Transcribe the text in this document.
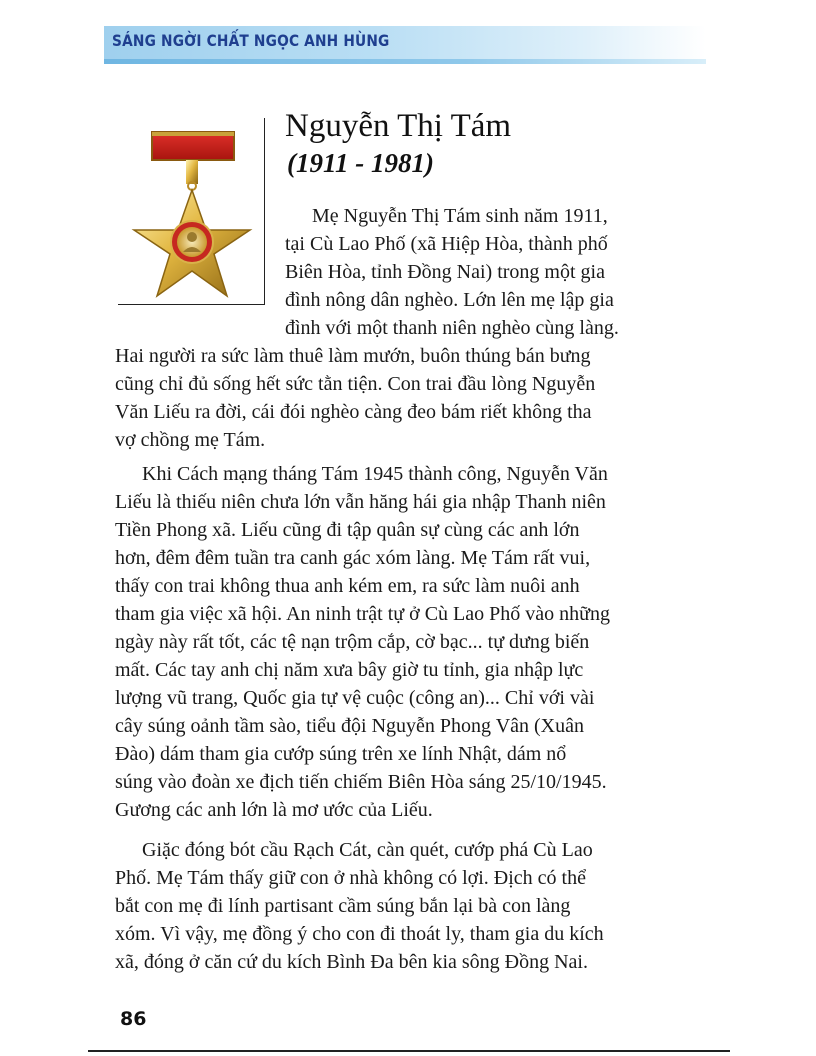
SÁNG NGỜI CHẤT NGỌC ANH HÙNG
Nguyễn Thị Tám
(1911 - 1981)
Mẹ Nguyễn Thị Tám sinh năm 1911,
tại Cù Lao Phố (xã Hiệp Hòa, thành phố
Biên Hòa, tỉnh Đồng Nai) trong một gia
đình nông dân nghèo. Lớn lên mẹ lập gia
đình với một thanh niên nghèo cùng làng.
Hai người ra sức làm thuê làm mướn, buôn thúng bán bưng
cũng chỉ đủ sống hết sức tằn tiện. Con trai đầu lòng Nguyễn
Văn Liếu ra đời, cái đói nghèo càng đeo bám riết không tha
vợ chồng mẹ Tám.
Khi Cách mạng tháng Tám 1945 thành công, Nguyễn Văn
Liếu là thiếu niên chưa lớn vẫn hăng hái gia nhập Thanh niên
Tiền Phong xã. Liếu cũng đi tập quân sự cùng các anh lớn
hơn, đêm đêm tuần tra canh gác xóm làng. Mẹ Tám rất vui,
thấy con trai không thua anh kém em, ra sức làm nuôi anh
tham gia việc xã hội. An ninh trật tự ở Cù Lao Phố vào những
ngày này rất tốt, các tệ nạn trộm cắp, cờ bạc... tự dưng biến
mất. Các tay anh chị năm xưa bây giờ tu tỉnh, gia nhập lực
lượng vũ trang, Quốc gia tự vệ cuộc (công an)... Chỉ với vài
cây súng oảnh tầm sào, tiểu đội Nguyễn Phong Vân (Xuân
Đào) dám tham gia cướp súng trên xe lính Nhật, dám nổ
súng vào đoàn xe địch tiến chiếm Biên Hòa sáng 25/10/1945.
Gương các anh lớn là mơ ước của Liếu.
Giặc đóng bót cầu Rạch Cát, càn quét, cướp phá Cù Lao
Phố. Mẹ Tám thấy giữ con ở nhà không có lợi. Địch có thể
bắt con mẹ đi lính partisant cầm súng bắn lại bà con làng
xóm. Vì vậy, mẹ đồng ý cho con đi thoát ly, tham gia du kích
xã, đóng ở căn cứ du kích Bình Đa bên kia sông Đồng Nai.
86
